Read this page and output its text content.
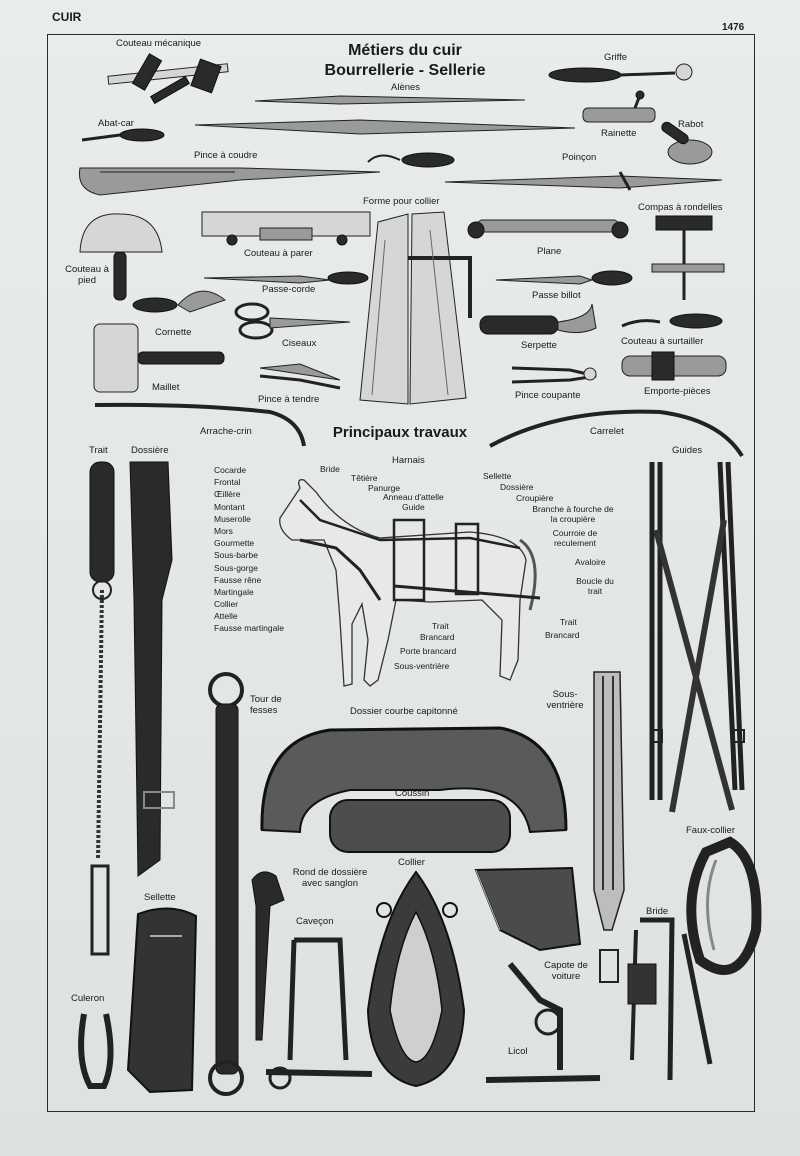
CUIR
1476
Métiers du cuir
Bourrellerie - Sellerie
Principaux travaux
Couteau mécanique
Alènes
Griffe
Abat-car
Rainette
Rabot
Pince à coudre	Poinçon
Forme pour collier
Compas à rondelles
Couteau à pied
Couteau à parer	Plane
Passe-corde
Passe billot
Cornette
Ciseaux	Serpette	Couteau à surtailler
Maillet
Pince à tendre	Pince coupante	Emporte-pièces
Arrache-crin	Carrelet
Trait Dossière
Harnais
Guides
Cocarde
Frontal
Œillère
Montant
Muserolle
Mors
Gourmette
Sous-barbe
Sous-gorge
Fausse rêne
Martingale
Collier
Attelle
Fausse martingale
Bride
Têtière
Panurge
Anneau d'attelle
Guide
Sellette
Dossière
Croupière
Branche à fourche de la croupière
Courroie de reculement
Avaloire
Boucle du trait
Trait
Brancard
Trait
Brancard
Porte brancard
Sous-ventrière
Tour de fesses	Dossier courbe capitonné
Sous-ventrière
Coussin
Faux-collier
Rond de dossière avec sanglon
Collier
Sellette
Caveçon
Capote de voiture
Bride
Culeron
Licol
